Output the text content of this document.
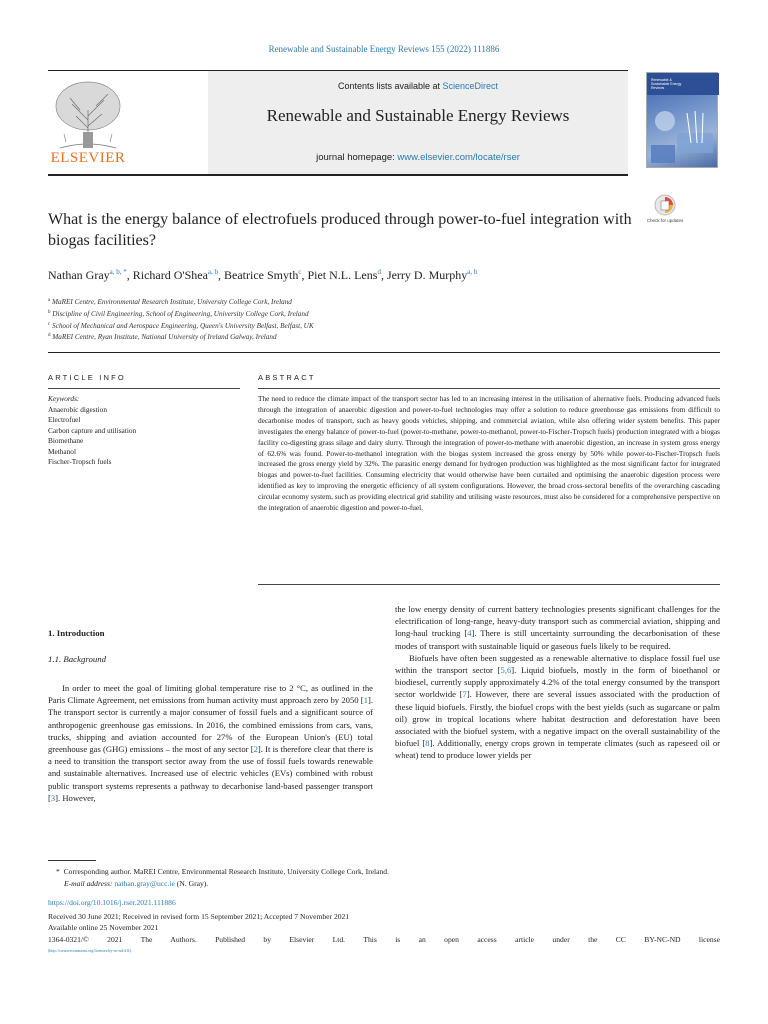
Renewable and Sustainable Energy Reviews 155 (2022) 111886
ELSEVIER
Contents lists available at ScienceDirect
Renewable and Sustainable Energy Reviews
journal homepage: www.elsevier.com/locate/rser
Renewable & Sustainable Energy Reviews
What is the energy balance of electrofuels produced through power-to-fuel integration with biogas facilities?
Check for updates
Nathan Gray$^{a, b, *}$, Richard O'Shea$^{a, b}$, Beatrice Smyth$^c$, Piet N.L. Lens$^d$, Jerry D. Murphy$^{a, b}$
$^a$ MaREI Centre, Environmental Research Institute, University College Cork, Ireland
$^b$ Discipline of Civil Engineering, School of Engineering, University College Cork, Ireland
$^c$ School of Mechanical and Aerospace Engineering, Queen's University Belfast, Belfast, UK
$^d$ MaREI Centre, Ryan Institute, National University of Ireland Galway, Ireland
ARTICLE INFO
Keywords:
Anaerobic digestion
Electrofuel
Carbon capture and utilisation
Biomethane
Methanol
Fischer-Tropsch fuels
ABSTRACT
The need to reduce the climate impact of the transport sector has led to an increasing interest in the utilisation of alternative fuels. Producing advanced fuels through the integration of anaerobic digestion and power-to-fuel technologies may offer a solution to reduce greenhouse gas emissions from difficult to decarbonise modes of transport, such as heavy goods vehicles, shipping, and commercial aviation, while also offering wider system benefits. This paper investigates the energy balance of power-to-fuel (power-to-methane, power-to-methanol, power-to-Fischer-Tropsch fuels) production integrated with a biogas facility co-digesting grass silage and dairy slurry. Through the integration of power-to-methane with anaerobic digestion, an increase in system gross energy of 62.6% was found. Power-to-methanol integration with the biogas system increased the gross energy by 50% while power-to-Fischer-Tropsch fuels increased the gross energy yield by 32%. The parasitic energy demand for hydrogen production was highlighted as the most significant factor for integrated biogas and power-to-fuel facilities. Consuming electricity that would otherwise have been curtailed and optimising the anaerobic digestion process were identified as key to improving the energetic efficiency of all system configurations. However, the broad cross-sectoral benefits of the overarching cascading circular economy system, such as providing electrical grid stability and utilising waste resources, must also be considered for a comprehensive perspective on the integration of anaerobic digestion and power-to-fuel.
1. Introduction
1.1. Background

In order to meet the goal of limiting global temperature rise to 2 °C, as outlined in the Paris Climate Agreement, net emissions from human activity must approach zero by 2050 [1]. The transport sector is currently a major consumer of fossil fuels and a significant source of anthropogenic greenhouse gas emissions. In 2016, the combined emissions from cars, vans, trucks, shipping and aviation accounted for 27% of the European Union's (EU) total greenhouse gas (GHG) emissions – the most of any sector [2]. It is therefore clear that there is a need to transition the transport sector away from the use of fossil fuels towards renewable and sustainable alternatives. Increased use of electric vehicles (EVs) combined with robust public transport systems represents a pathway to decarbonise land-based passenger transport [3]. However,

the low energy density of current battery technologies presents significant challenges for the electrification of long-range, heavy-duty transport such as commercial aviation, shipping and long-haul trucking [4]. There is still uncertainty surrounding the decarbonisation of these modes of transport with sustainable liquid or gaseous fuels likely to be required.

Biofuels have often been suggested as a renewable alternative to displace fossil fuel use within the transport sector [5,6]. Liquid biofuels, mostly in the form of bioethanol or biodiesel, currently supply approximately 4.2% of the total energy consumed by the transport sector worldwide [7]. However, there are several issues associated with the production of these liquid biofuels. Firstly, the biofuel crops with the best yields (such as sugarcane or palm oil) grow in tropical locations where habitat destruction and deforestation have been associated with the biofuel system, with a negative impact on the overall sustainability of the biofuel [8]. Additionally, energy crops grown in temperate climates (such as rapeseed oil or wheat) tend to produce lower yields per

* Corresponding author. MaREI Centre, Environmental Research Institute, University College Cork, Ireland.
E-mail address: nathan.gray@ucc.ie (N. Gray).
https://doi.org/10.1016/j.rser.2021.111886
Received 30 June 2021; Received in revised form 15 September 2021; Accepted 7 November 2021
Available online 25 November 2021
1364-0321/© 2021 The Authors. Published by Elsevier Ltd. This is an open access article under the CC BY-NC-ND license
(http://creativecommons.org/licenses/by-nc-nd/4.0/).
